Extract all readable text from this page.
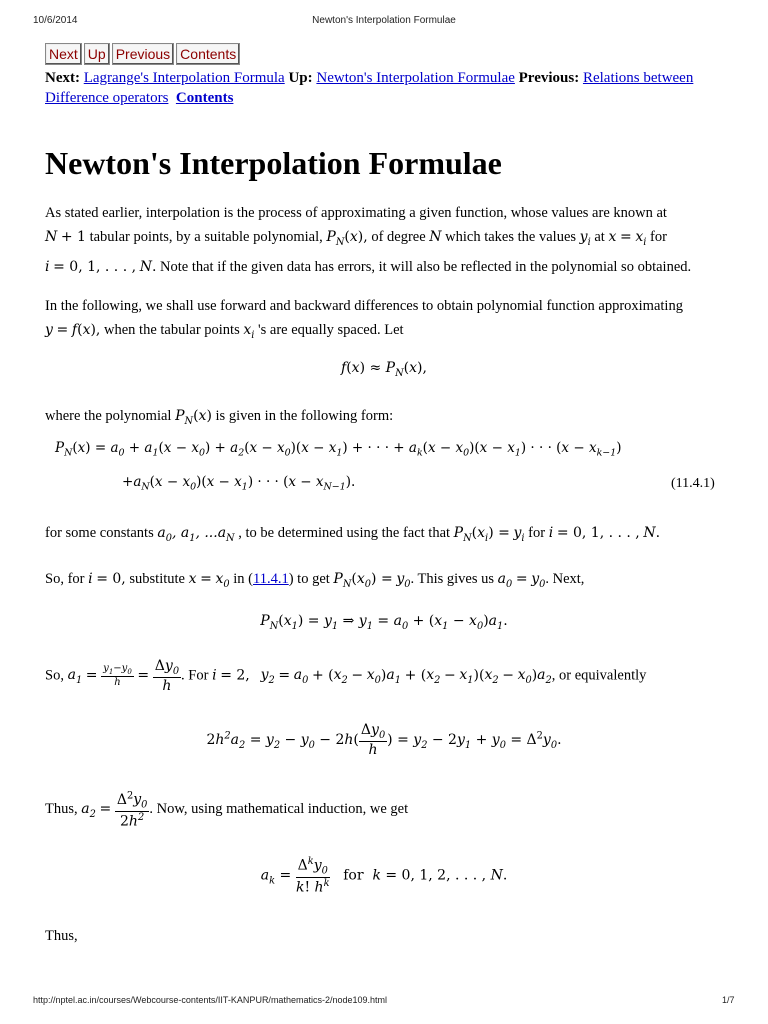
10/6/2014	Newton's Interpolation Formulae
Next Up Previous Contents
Next: Lagrange's Interpolation Formula Up: Newton's Interpolation Formulae Previous: Relations between Difference operators Contents
Newton's Interpolation Formulae
As stated earlier, interpolation is the process of approximating a given function, whose values are known at
N + 1 tabular points, by a suitable polynomial, $P_N(x)$, of degree N which takes the values $y_i$ at $x = x_i$ for
i = 0, 1, . . . , N. Note that if the given data has errors, it will also be reflected in the polynomial so obtained.
In the following, we shall use forward and backward differences to obtain polynomial function approximating
y = f(x), when the tabular points $x_i$ 's are equally spaced. Let
$f(x) \approx P_N(x)$,
where the polynomial $P_N(x)$ is given in the following form:
$P_N(x) = a_0 + a_1(x - x_0) + a_2(x - x_0)(x - x_1)$ + · · · + $a_k(x - x_0)(x - x_1)$ · · · $(x - x_{k-1})$
$+a_N(x - x_0)(x - x_1)$ · · · $(x - x_{N-1})$.	(11.4.1)
for some constants $a_0$, $a_1$, $...a_N$ , to be determined using the fact that $P_N(x_i) = y_i$ for i = 0, 1, . . . , N.
So, for i = 0, substitute $x = x_0$ in (11.4.1) to get $P_N(x_0) = y_0$. This gives us $a_0 = y_0$. Next,
$P_N(x_1) = y_1$ ⇒ $y_1 = a_0 + (x_1 - x_0)a_1$.
So, $a_1 = \frac{y_1-y_0}{h} = \frac{\Delta y_0}{h}$ . For i = 2, $y_2 = a_0 + (x_2 - x_0)a_1 + (x_2 - x_1)(x_2 - x_0)a_2$, or equivalently
$2h^2a_2 = y_2 - y_0 - 2h( \frac{\Delta y_0}{h}$ ) = $y_2 - 2y_1 + y_0 = \Delta^2y_0$.
Thus, $a_2 = \frac{\Delta^2y_0}{2h^2}$ . Now, using mathematical induction, we get
$a_k = \frac{\Delta^ky_0}{k! h^k}$ for k = 0, 1, 2, . . . , N.
Thus,
http://nptel.ac.in/courses/Webcourse-contents/IIT-KANPUR/mathematics-2/node109.html	1/7
